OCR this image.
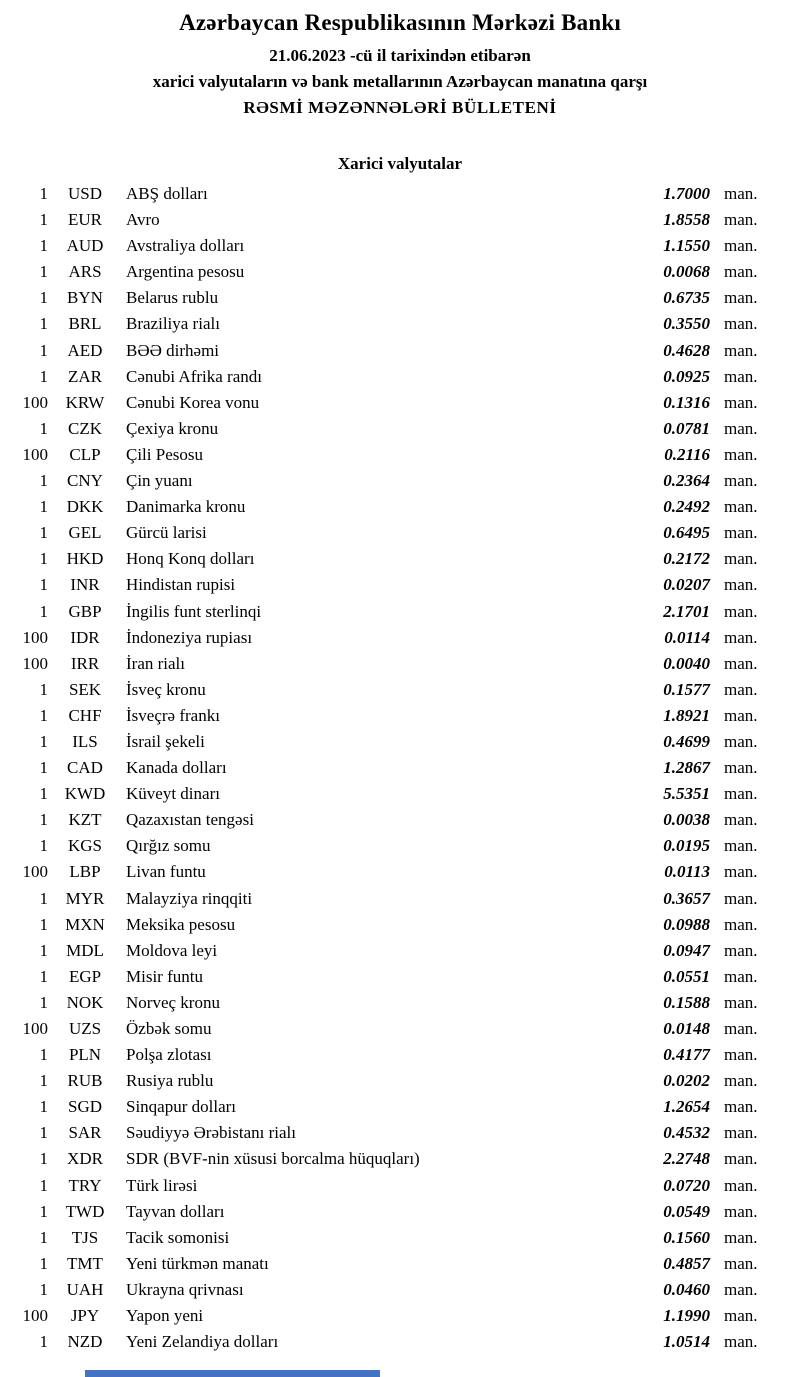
Azərbaycan Respublikasının Mərkəzi Bankı
21.06.2023 -cü il tarixindən etibarən
xarici valyutaların və bank metallarının Azərbaycan manatına qarşı
RƏSMİ MƏZƏNNƏLƏRİ BÜLLETENİ
Xarici valyutalar
1	USD	ABŞ dolları	1.7000 man.
1	EUR	Avro	1.8558 man.
1	AUD	Avstraliya dolları	1.1550 man.
1	ARS	Argentina pesosu	0.0068 man.
1	BYN	Belarus rublu	0.6735 man.
1	BRL	Braziliya rialı	0.3550 man.
1	AED	BƏƏ dirhəmi	0.4628 man.
1	ZAR	Cənubi Afrika randı	0.0925 man.
100	KRW	Cənubi Korea vonu	0.1316 man.
1	CZK	Çexiya kronu	0.0781 man.
100	CLP	Çili Pesosu	0.2116 man.
1	CNY	Çin yuanı	0.2364 man.
1	DKK	Danimarka kronu	0.2492 man.
1	GEL	Gürcü larisi	0.6495 man.
1	HKD	Honq Konq dolları	0.2172 man.
1	INR	Hindistan rupisi	0.0207 man.
1	GBP	İngilis funt sterlinqi	2.1701 man.
100	IDR	İndoneziya rupiası	0.0114 man.
100	IRR	İran rialı	0.0040 man.
1	SEK	İsveç kronu	0.1577 man.
1	CHF	İsveçrə frankı	1.8921 man.
1	ILS	İsrail şekeli	0.4699 man.
1	CAD	Kanada dolları	1.2867 man.
1 KWD	Küveyt dinarı	5.5351 man.
1	KZT	Qazaxıstan tengəsi	0.0038 man.
1	KGS	Qırğız somu	0.0195 man.
100	LBP	Livan funtu	0.0113 man.
1	MYR	Malayziya rinqqiti	0.3657 man.
1	MXN	Meksika pesosu	0.0988 man.
1	MDL	Moldova leyi	0.0947 man.
1	EGP	Misir funtu	0.0551 man.
1	NOK	Norveç kronu	0.1588 man.
100	UZS	Özbək somu	0.0148 man.
1	PLN	Polşa zlotası	0.4177 man.
1	RUB	Rusiya rublu	0.0202 man.
1	SGD	Sinqapur dolları	1.2654 man.
1	SAR	Səudiyyə Ərəbistanı rialı	0.4532 man.
1	XDR	SDR (BVF-nin xüsusi borcalma hüquqları)	2.2748 man.
1	TRY	Türk lirəsi	0.0720 man.
1	TWD	Tayvan dolları	0.0549 man.
1	TJS	Tacik somonisi	0.1560 man.
1	TMT	Yeni türkmən manatı	0.4857 man.
1	UAH	Ukrayna qrivnası	0.0460 man.
100	JPY	Yapon yeni	1.1990 man.
1	NZD	Yeni Zelandiya dolları	1.0514 man.
